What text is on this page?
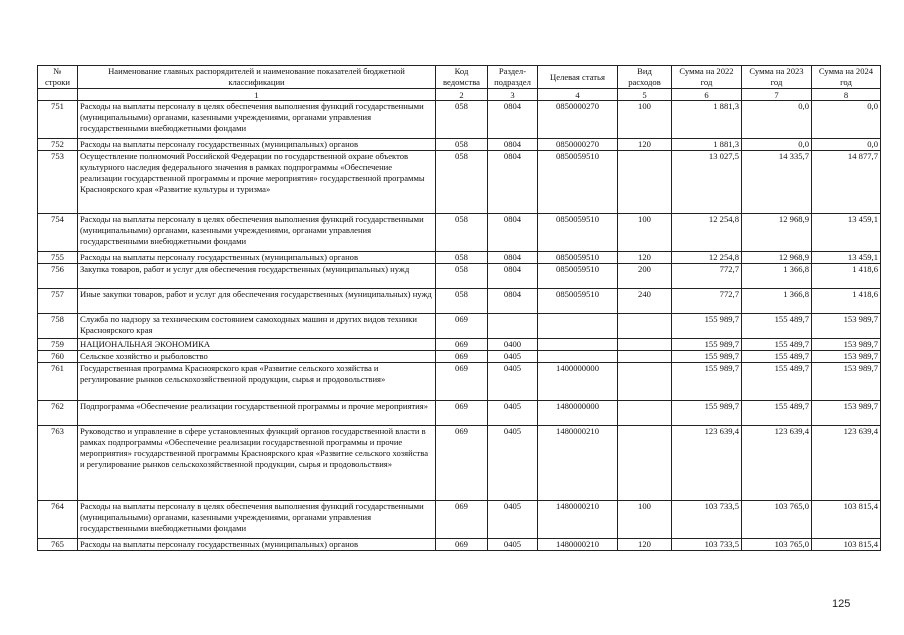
№ строки	Наименование главных распорядителей и наименование показателей бюджетной классификации	Код ведомства	Раздел-подраздел	Целевая статья	Вид расходов	Сумма на 2022 год	Сумма на 2023 год	Сумма на 2024 год
	1	2	3	4	5	6	7	8
751	Расходы на выплаты персоналу в целях обеспечения выполнения функций государственными (муниципальными) органами, казенными учреждениями, органами управления государственными внебюджетными фондами	058	0804	0850000270	100	1 881,3	0,0	0,0
752	Расходы на выплаты персоналу государственных (муниципальных) органов	058	0804	0850000270	120	1 881,3	0,0	0,0
753	Осуществление полномочий Российской Федерации по государственной охране объектов культурного наследия федерального значения в рамках подпрограммы «Обеспечение реализации государственной программы и прочие мероприятия» государственной программы Красноярского края «Развитие культуры и туризма»	058	0804	0850059510		13 027,5	14 335,7	14 877,7
754	Расходы на выплаты персоналу в целях обеспечения выполнения функций государственными (муниципальными) органами, казенными учреждениями, органами управления государственными внебюджетными фондами	058	0804	0850059510	100	12 254,8	12 968,9	13 459,1
755	Расходы на выплаты персоналу государственных (муниципальных) органов	058	0804	0850059510	120	12 254,8	12 968,9	13 459,1
756	Закупка товаров, работ и услуг для обеспечения государственных (муниципальных) нужд	058	0804	0850059510	200	772,7	1 366,8	1 418,6
757	Иные закупки товаров, работ и услуг для обеспечения государственных (муниципальных) нужд	058	0804	0850059510	240	772,7	1 366,8	1 418,6
758	Служба по надзору за техническим состоянием самоходных машин и других видов техники Красноярского края	069				155 989,7	155 489,7	153 989,7
759	НАЦИОНАЛЬНАЯ ЭКОНОМИКА	069	0400			155 989,7	155 489,7	153 989,7
760	Сельское хозяйство и рыболовство	069	0405			155 989,7	155 489,7	153 989,7
761	Государственная программа Красноярского края «Развитие сельского хозяйства и регулирование рынков сельскохозяйственной продукции, сырья и продовольствия»	069	0405	1400000000		155 989,7	155 489,7	153 989,7
762	Подпрограмма «Обеспечение реализации государственной программы и прочие мероприятия»	069	0405	1480000000		155 989,7	155 489,7	153 989,7
763	Руководство и управление в сфере установленных функций органов государственной власти в рамках подпрограммы «Обеспечение реализации государственной программы и прочие мероприятия» государственной программы Красноярского края «Развитие сельского хозяйства и регулирование рынков сельскохозяйственной продукции, сырья и продовольствия»	069	0405	1480000210		123 639,4	123 639,4	123 639,4
764	Расходы на выплаты персоналу в целях обеспечения выполнения функций государственными (муниципальными) органами, казенными учреждениями, органами управления государственными внебюджетными фондами	069	0405	1480000210	100	103 733,5	103 765,0	103 815,4
765	Расходы на выплаты персоналу государственных (муниципальных) органов	069	0405	1480000210	120	103 733,5	103 765,0	103 815,4
125
